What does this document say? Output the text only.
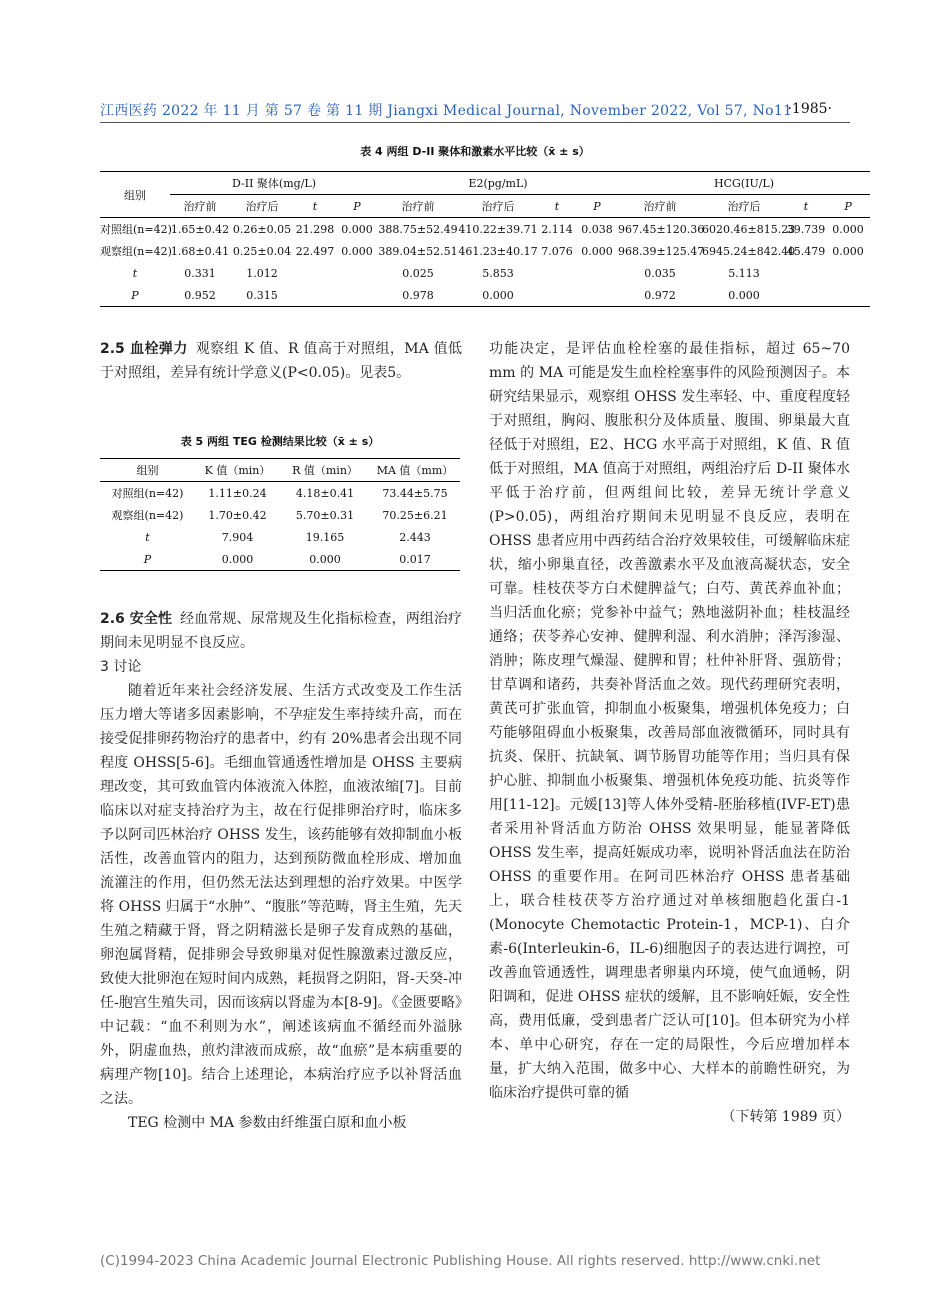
江西医药 2022 年 11 月 第 57 卷 第 11 期 Jiangxi Medical Journal, November 2022, Vol 57, No11
·1985·
表 4 两组 D-II 聚体和激素水平比较（x̄ ± s）
组别	D-II 聚体(mg/L)				E2(pg/mL)				HCG(IU/L)			
	治疗前	治疗后	t	P	治疗前	治疗后	t	P	治疗前	治疗后	t	P
对照组(n=42)	1.65±0.42	0.26±0.05	21.298	0.000	388.75±52.49	410.22±39.71	2.114	0.038	967.45±120.36	6020.46±815.23	39.739	0.000
观察组(n=42)	1.68±0.41	0.25±0.04	22.497	0.000	389.04±52.51	461.23±40.17	7.076	0.000	968.39±125.47	6945.24±842.40	45.479	0.000
t	0.331	1.012			0.025	5.853			0.035	5.113		
P	0.952	0.315			0.978	0.000			0.972	0.000		
表 5 两组 TEG 检测结果比较（x̄ ± s）
组别	K 值（min）	R 值（min）	MA 值（mm）
对照组(n=42)	1.11±0.24	4.18±0.41	73.44±5.75
观察组(n=42)	1.70±0.42	5.70±0.31	70.25±6.21
t	7.904	19.165	2.443
P	0.000	0.000	0.017

2.5 血栓弹力 观察组 K 值、R 值高于对照组，MA 值低于对照组，差异有统计学意义(P<0.05)。见表5。

2.6 安全性 经血常规、尿常规及生化指标检查，两组治疗期间未见明显不良反应。

3 讨论

随着近年来社会经济发展、生活方式改变及工作生活压力增大等诸多因素影响，不孕症发生率持续升高，而在接受促排卵药物治疗的患者中，约有 20%患者会出现不同程度 OHSS[5-6]。毛细血管通透性增加是 OHSS 主要病理改变，其可致血管内体液流入体腔，血液浓缩[7]。目前临床以对症支持治疗为主，故在行促排卵治疗时，临床多予以阿司匹林治疗 OHSS 发生，该药能够有效抑制血小板活性，改善血管内的阻力，达到预防微血栓形成、增加血流灌注的作用，但仍然无法达到理想的治疗效果。中医学将 OHSS 归属于“水肿”、“腹胀”等范畴，肾主生殖，先天生殖之精藏于肾，肾之阴精滋长是卵子发育成熟的基础，卵泡属肾精，促排卵会导致卵巢对促性腺激素过激反应，致使大批卵泡在短时间内成熟，耗损肾之阴阳，肾-天癸-冲任-胞宫生殖失司，因而该病以肾虚为本[8-9]。《金匮要略》中记载：“血不利则为水”，阐述该病血不循经而外溢脉外，阴虚血热，煎灼津液而成瘀，故“血瘀”是本病重要的病理产物[10]。结合上述理论，本病治疗应予以补肾活血之法。

TEG 检测中 MA 参数由纤维蛋白原和血小板

功能决定，是评估血栓栓塞的最佳指标，超过 65~70 mm 的 MA 可能是发生血栓栓塞事件的风险预测因子。本研究结果显示，观察组 OHSS 发生率轻、中、重度程度轻于对照组，胸闷、腹胀积分及体质量、腹围、卵巢最大直径低于对照组，E2、HCG 水平高于对照组，K 值、R 值低于对照组，MA 值高于对照组，两组治疗后 D-II 聚体水平低于治疗前，但两组间比较，差异无统计学意义(P>0.05)，两组治疗期间未见明显不良反应，表明在 OHSS 患者应用中西药结合治疗效果较佳，可缓解临床症状，缩小卵巢直径，改善激素水平及血液高凝状态，安全可靠。桂枝茯苓方白术健脾益气；白芍、黄芪养血补血；当归活血化瘀；党参补中益气；熟地滋阴补血；桂枝温经通络；茯苓养心安神、健脾利湿、利水消肿；泽泻渗湿、消肿；陈皮理气燥湿、健脾和胃；杜仲补肝肾、强筋骨；甘草调和诸药，共奏补肾活血之效。现代药理研究表明，黄芪可扩张血管，抑制血小板聚集，增强机体免疫力；白芍能够阻碍血小板聚集，改善局部血液微循环，同时具有抗炎、保肝、抗缺氧、调节肠胃功能等作用；当归具有保护心脏、抑制血小板聚集、增强机体免疫功能、抗炎等作用[11-12]。元媛[13]等人体外受精-胚胎移植(IVF-ET)患者采用补肾活血方防治 OHSS 效果明显，能显著降低 OHSS 发生率，提高妊娠成功率，说明补肾活血法在防治 OHSS 的重要作用。在阿司匹林治疗 OHSS 患者基础上，联合桂枝茯苓方治疗通过对单核细胞趋化蛋白-1 (Monocyte Chemotactic Protein-1，MCP-1)、白介素-6(Interleukin-6，IL-6)细胞因子的表达进行调控，可改善血管通透性，调理患者卵巢内环境，使气血通畅，阴阳调和，促进 OHSS 症状的缓解，且不影响妊娠，安全性高，费用低廉，受到患者广泛认可[10]。但本研究为小样本、单中心研究，存在一定的局限性，今后应增加样本量，扩大纳入范围，做多中心、大样本的前瞻性研究，为临床治疗提供可靠的循

（下转第 1989 页）

(C)1994-2023 China Academic Journal Electronic Publishing House. All rights reserved. http://www.cnki.net
